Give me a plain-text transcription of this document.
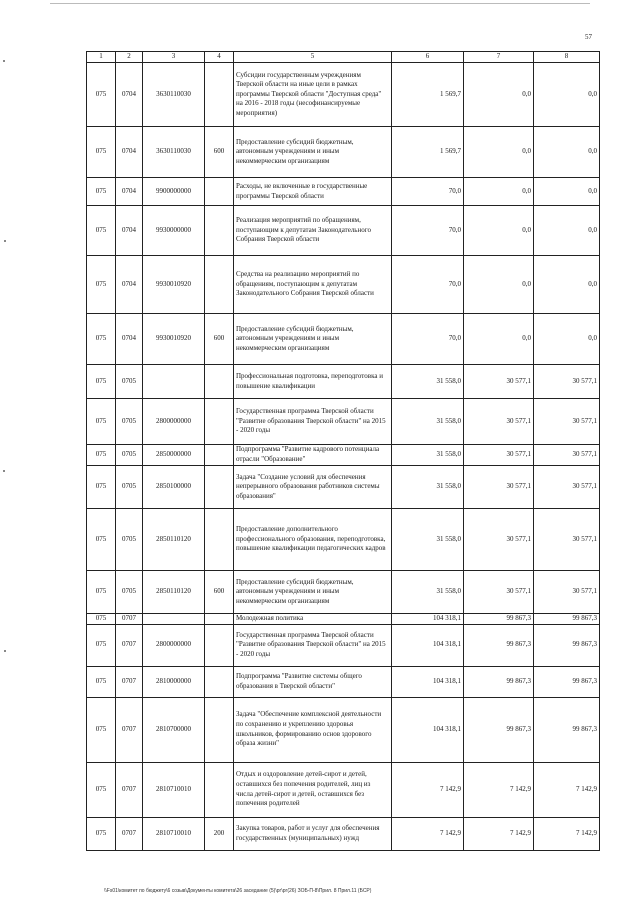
57
1	2	3	4	5	6	7	8
075	0704	3630110030		Субсидии государственным учреждениям Тверской области на иные цели в рамках программы Тверской области "Доступная среда" на 2016 - 2018 годы (несофинансируемые мероприятия)	1 569,7	0,0	0,0
075	0704	3630110030	600	Предоставление субсидий бюджетным, автономным учреждениям и иным некоммерческим организациям	1 569,7	0,0	0,0
075	0704	9900000000		Расходы, не включенные в государственные программы Тверской области	70,0	0,0	0,0
075	0704	9930000000		Реализация мероприятий по обращениям, поступающим к депутатам Законодательного Собрания Тверской области	70,0	0,0	0,0
075	0704	9930010920		Средства на реализацию мероприятий по обращениям, поступающим к депутатам Законодательного Собрания Тверской области	70,0	0,0	0,0
075	0704	9930010920	600	Предоставление субсидий бюджетным, автономным учреждениям и иным некоммерческим организациям	70,0	0,0	0,0
075	0705			Профессиональная подготовка, переподготовка и повышение квалификации	31 558,0	30 577,1	30 577,1
075	0705	2800000000		Государственная программа Тверской области "Развитие образования Тверской области" на 2015 - 2020 годы	31 558,0	30 577,1	30 577,1
075	0705	2850000000		Подпрограмма "Развитие кадрового потенциала отрасли "Образование"	31 558,0	30 577,1	30 577,1
075	0705	2850100000		Задача "Создание условий для обеспечения непрерывного образования работников системы образования"	31 558,0	30 577,1	30 577,1
075	0705	2850110120		Предоставление дополнительного профессионального образования, переподготовка, повышение квалификации педагогических кадров	31 558,0	30 577,1	30 577,1
075	0705	2850110120	600	Предоставление субсидий бюджетным, автономным учреждениям и иным некоммерческим организациям	31 558,0	30 577,1	30 577,1
075	0707			Молодежная политика	104 318,1	99 867,3	99 867,3
075	0707	2800000000		Государственная программа Тверской области "Развитие образования Тверской области" на 2015 - 2020 годы	104 318,1	99 867,3	99 867,3
075	0707	2810000000		Подпрограмма "Развитие системы общего образования в Тверской области"	104 318,1	99 867,3	99 867,3
075	0707	2810700000		Задача "Обеспечение комплексной деятельности по сохранению и укреплению здоровья школьников, формированию основ здорового образа жизни"	104 318,1	99 867,3	99 867,3
075	0707	2810710010		Отдых и оздоровление детей-сирот и детей, оставшихся без попечения родителей, лиц из числа детей-сирот и детей, оставшихся без попечения родителей	7 142,9	7 142,9	7 142,9
075	0707	2810710010	200	Закупка товаров, работ и услуг для обеспечения государственных (муниципальных) нужд	7 142,9	7 142,9	7 142,9
\\Fs01\комитет по бюджету\6 созыв\Документы комитета\26 заседание (5)\рг\рг(26) ЗОБ-П-8\Прил. 8 Прил.11 (БСР)
